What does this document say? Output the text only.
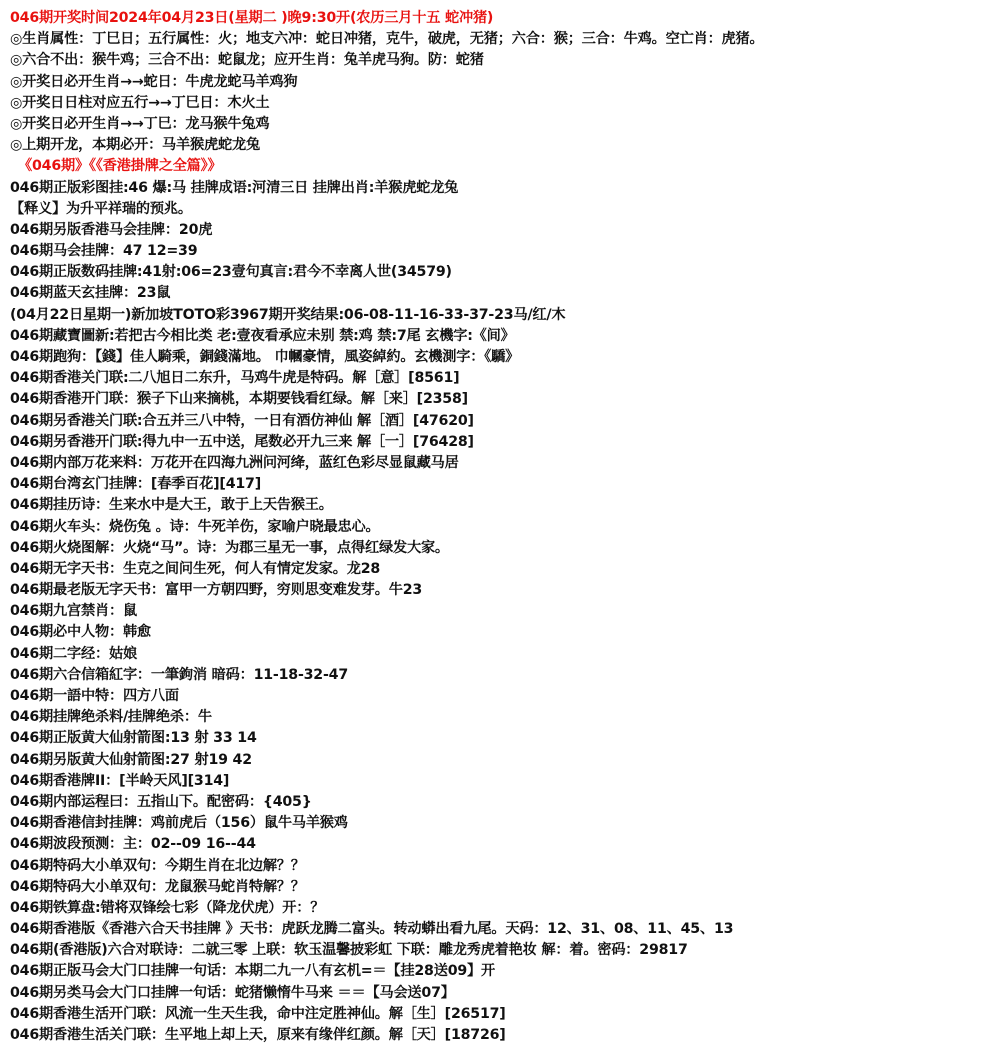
046期开奖时间2024年04月23日(星期二 )晚9:30开(农历三月十五 蛇冲猪)
◎生肖属性：丁巳日；五行属性：火；地支六冲：蛇日冲猪，克牛，破虎，无猪；六合：猴；三合：牛鸡。空亡肖：虎猪。
◎六合不出：猴牛鸡；三合不出：蛇鼠龙；应开生肖：兔羊虎马狗。防：蛇猪
◎开奖日必开生肖→→蛇日：牛虎龙蛇马羊鸡狗
◎开奖日日柱对应五行→→丁巳日：木火土
◎开奖日必开生肖→→丁巳：龙马猴牛兔鸡
◎上期开龙，本期必开：马羊猴虎蛇龙兔
《046期》《《香港掛牌之全篇》》
046期正版彩图挂:46 爆:马 挂牌成语:河清三日 挂牌出肖:羊猴虎蛇龙兔
【释义】为升平祥瑞的预兆。
046期另版香港马会挂牌：20虎
046期马会挂牌：47 12=39
046期正版数码挂牌:41射:06=23壹句真言:君今不幸离人世(34579)
046期蓝天玄挂牌：23鼠
(04月22日星期一)新加坡TOTO彩3967期开奖结果:06-08-11-16-33-37-23马/红/木
046期藏寶圖新:若把古今相比类 老:壹夜看承应未别 禁:鸡 禁:7尾 玄機字:《间》
046期跑狗：【錢】佳人騎乘，銅錢滿地。 巾幗豪情，風姿綽約。玄機測字：《驕》
046期香港关门联:二八旭日二东升，马鸡牛虎是特码。解［意］[8561]
046期香港开门联：猴子下山来摘桃，本期要钱看红绿。解［来］[2358]
046期另香港关门联:合五并三八中特，一日有酒仿神仙 解［酒］[47620]
046期另香港开门联:得九中一五中送，尾数必开九三来 解［一］[76428]
046期内部万花来料：万花开在四海九洲问河绛，蓝红色彩尽显鼠藏马居
046期台湾玄门挂牌：[春季百花][417]
046期挂历诗：生来水中是大王，敢于上天告猴王。
046期火车头：烧伤兔 。诗：牛死羊伤，家喻户晓最忠心。
046期火烧图解：火烧“马”。诗：为郡三星无一事，点得红绿发大家。
046期无字天书：生克之间问生死，何人有情定发家。龙28
046期最老版无字天书：富甲一方朝四野，穷则思变难发芽。牛23
046期九宫禁肖：鼠
046期必中人物：韩愈
046期二字经：姑娘
046期六合信箱紅字：一筆鉤消 暗码：11-18-32-47
046期一語中特：四方八面
046期挂牌绝杀料/挂牌绝杀：牛
046期正版黄大仙射箭图:13 射 33 14
046期另版黄大仙射箭图:27 射19 42
046期香港牌II：[半岭天风][314]
046期内部运程曰：五指山下。配密码：{405}
046期香港信封挂牌：鸡前虎后（156）鼠牛马羊猴鸡
046期波段预测：主：02--09 16--44
046期特码大小单双句：今期生肖在北边解？？
046期特码大小单双句：龙鼠猴马蛇肖特解？？
046期铁算盘:错将双锋绘七彩（降龙伏虎）开：？
046期香港版《香港六合天书挂牌 》天书：虎跃龙腾二富头。转动蟒出看九尾。天码：12、31、08、11、45、13
046期(香港版)六合对联诗：二就三零 上联：软玉温馨披彩虹 下联：雕龙秀虎着艳妆 解：着。密码：29817
046期正版马会大门口挂牌一句话：本期二九一八有玄机=＝【挂28送09】开
046期另类马会大门口挂牌一句话：蛇猪懒惰牛马来 ＝＝【马会送07】
046期香港生活开门联：风流一生天生我，命中注定胜神仙。解［生］[26517]
046期香港生活关门联：生平地上却上天，原来有缘伴红颜。解［天］[18726]
